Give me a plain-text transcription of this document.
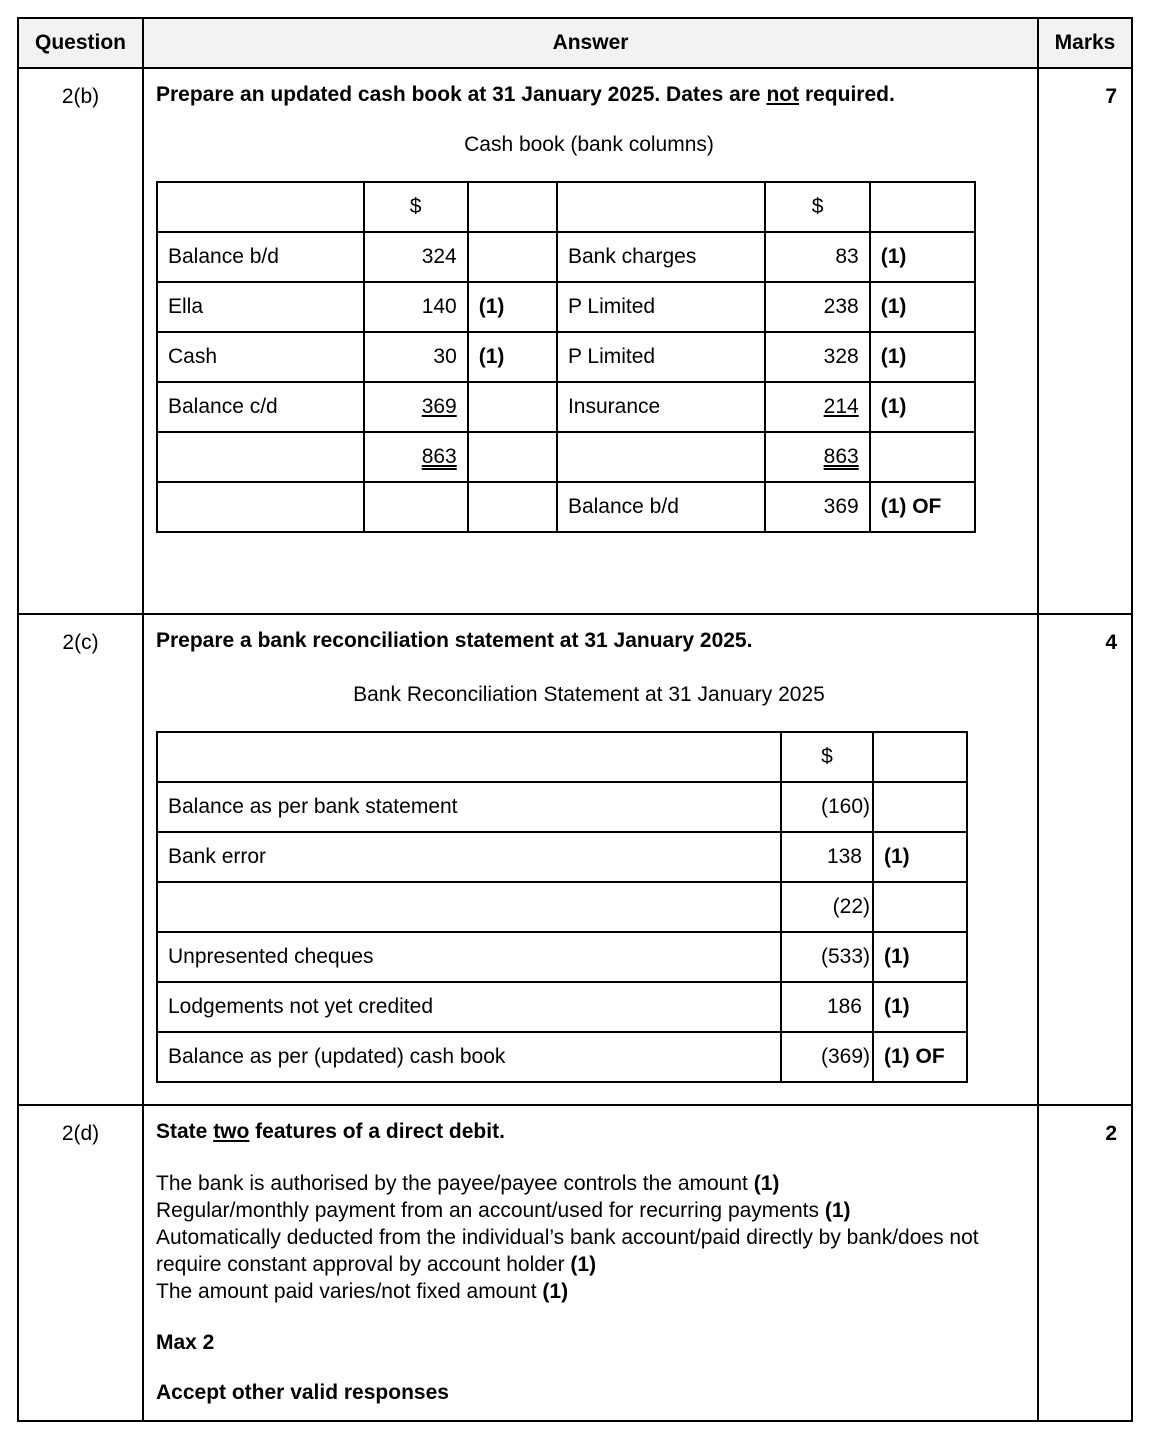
Question	Answer	Marks
2(b)	Prepare an updated cash book at 31 January 2025. Dates are not required.

Cash book (bank columns)

	$			$	
Balance b/d	324		Bank charges	83	(1)
Ella	140	(1)	P Limited	238	(1)
Cash	30	(1)	P Limited	328	(1)
Balance c/d	369		Insurance	214	(1)
	863			863	
			Balance b/d	369	(1) OF
	7
2(c)	Prepare a bank reconciliation statement at 31 January 2025.

Bank Reconciliation Statement at 31 January 2025

	$	
Balance as per bank statement	(160)	
Bank error	138	(1)
	(22)	
Unpresented cheques	(533)	(1)
Lodgements not yet credited	186	(1)
Balance as per (updated) cash book	(369)	(1) OF
	4
2(d)	State two features of a direct debit.

The bank is authorised by the payee/payee controls the amount (1)

Regular/monthly payment from an account/used for recurring payments (1)

Automatically deducted from the individual’s bank account/paid directly by bank/does not require constant approval by account holder (1)

The amount paid varies/not fixed amount (1)

Max 2
Accept other valid responses
	2
